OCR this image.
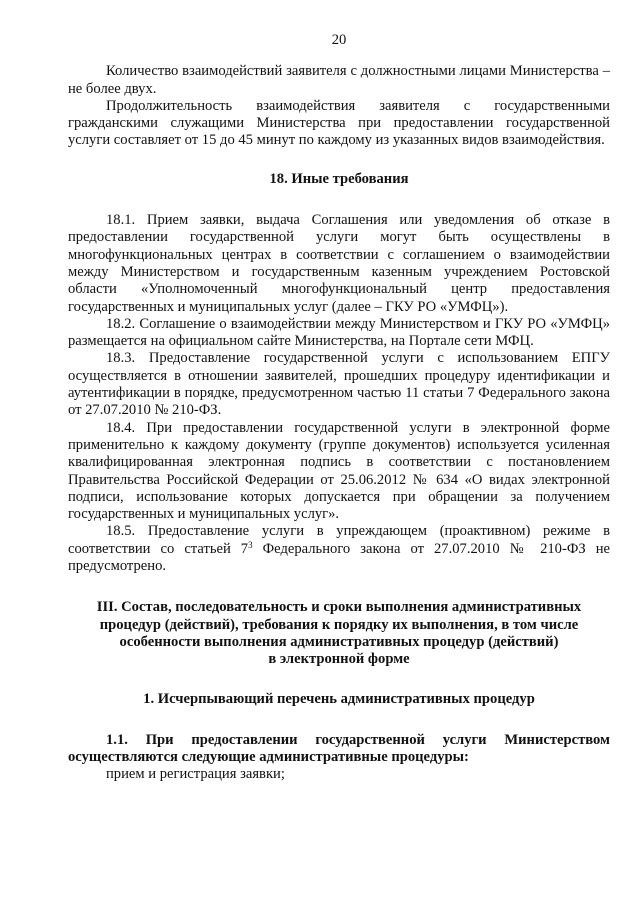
20

Количество взаимодействий заявителя с должностными лицами Министерства – не более двух.

Продолжительность взаимодействия заявителя с государственными гражданскими служащими Министерства при предоставлении государственной услуги составляет от 15 до 45 минут по каждому из указанных видов взаимодействия.

18. Иные требования

18.1. Прием заявки, выдача Соглашения или уведомления об отказе в предоставлении государственной услуги могут быть осуществлены в многофункциональных центрах в соответствии с соглашением о взаимодействии между Министерством и государственным казенным учреждением Ростовской области «Уполномоченный многофункциональный центр предоставления государственных и муниципальных услуг (далее – ГКУ РО «УМФЦ»).

18.2. Соглашение о взаимодействии между Министерством и ГКУ РО «УМФЦ» размещается на официальном сайте Министерства, на Портале сети МФЦ.

18.3. Предоставление государственной услуги с использованием ЕПГУ осуществляется в отношении заявителей, прошедших процедуру идентификации и аутентификации в порядке, предусмотренном частью 11 статьи 7 Федерального закона от 27.07.2010 № 210-ФЗ.

18.4. При предоставлении государственной услуги в электронной форме применительно к каждому документу (группе документов) используется усиленная квалифицированная электронная подпись в соответствии с постановлением Правительства Российской Федерации от 25.06.2012 № 634 «О видах электронной подписи, использование которых допускается при обращении за получением государственных и муниципальных услуг».

18.5. Предоставление услуги в упреждающем (проактивном) режиме в соответствии со статьей $7^3$ Федерального закона от 27.07.2010 № 210-ФЗ не предусмотрено.

III. Состав, последовательность и сроки выполнения административных
процедур (действий), требования к порядку их выполнения, в том числе
особенности выполнения административных процедур (действий)
в электронной форме
1. Исчерпывающий перечень административных процедур

1.1. При предоставлении государственной услуги Министерством осуществляются следующие административные процедуры:

прием и регистрация заявки;
